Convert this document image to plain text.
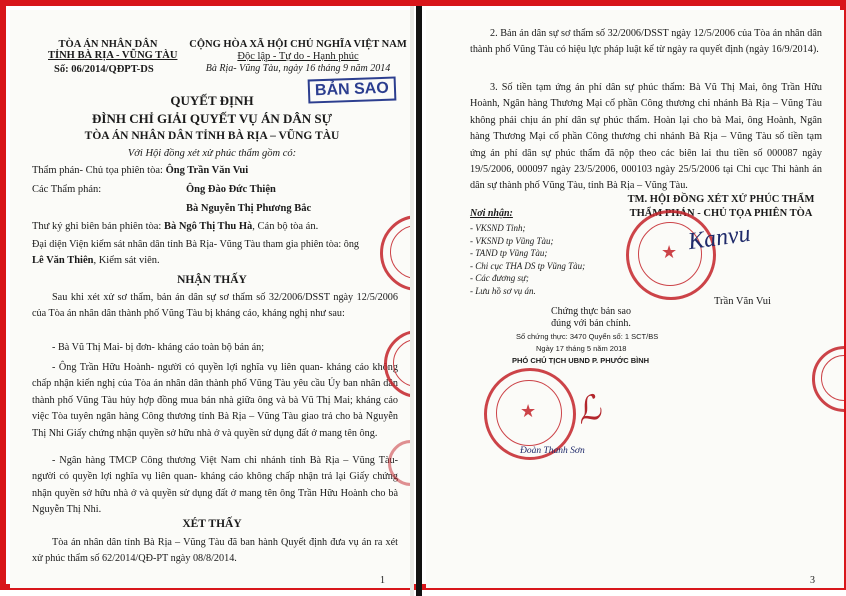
TÒA ÁN NHÂN DÂN
TỈNH BÀ RỊA - VŨNG TÀU
Số: 06/2014/QĐPT-DS
CỘNG HÒA XÃ HỘI CHỦ NGHĨA VIỆT NAM
Độc lập - Tự do - Hạnh phúc
Bà Rịa- Vũng Tàu, ngày 16 tháng 9 năm 2014
BẢN SAO
QUYẾT ĐỊNH
ĐÌNH CHỈ GIẢI QUYẾT VỤ ÁN DÂN SỰ
TÒA ÁN NHÂN DÂN TỈNH BÀ RỊA – VŨNG TÀU
Với Hội đồng xét xử phúc thẩm gồm có:
Thẩm phán- Chủ tọa phiên tòa: Ông Trần Văn Vui
Các Thẩm phán:	Ông Đào Đức Thiện
Bà Nguyễn Thị Phương Bắc
Thư ký ghi biên bản phiên tòa: Bà Ngô Thị Thu Hà, Cán bộ tòa án.
Đại diện Viện kiểm sát nhân dân tỉnh Bà Rịa- Vũng Tàu tham gia phiên tòa: ông
Lê Văn Thiên, Kiểm sát viên.
NHẬN THẤY
Sau khi xét xử sơ thẩm, bản án dân sự sơ thẩm số 32/2006/DSST ngày 12/5/2006 của Tòa án nhân dân thành phố Vũng Tàu bị kháng cáo, kháng nghị như sau:
- Bà Vũ Thị Mai- bị đơn- kháng cáo toàn bộ bản án;
- Ông Trần Hữu Hoành- người có quyền lợi nghĩa vụ liên quan- kháng cáo không chấp nhận kiến nghị của Tòa án nhân dân thành phố Vũng Tàu yêu cầu Ủy ban nhân dân thành phố Vũng Tàu hủy hợp đồng mua bán nhà giữa ông và bà Vũ Thị Mai; kháng cáo việc Tòa tuyên ngân hàng Công thương tỉnh Bà Rịa – Vũng Tàu giao trả cho bà Nguyễn Thị Nhi Giấy chứng nhận quyền sở hữu nhà ở và quyền sử dụng đất ở mang tên ông.
- Ngân hàng TMCP Công thương Việt Nam chi nhánh tỉnh Bà Rịa – Vũng Tàu- người có quyền lợi nghĩa vụ liên quan- kháng cáo không chấp nhận trả lại Giấy chứng nhận quyền sở hữu nhà ở và quyền sử dụng đất ở mang tên ông Trần Hữu Hoành cho bà Nguyễn Thị Nhi.
XÉT THẤY
Tòa án nhân dân tỉnh Bà Rịa – Vũng Tàu đã ban hành Quyết định đưa vụ án ra xét xử phúc thẩm số 62/2014/QĐ-PT ngày 08/8/2014.
1
2. Bản án dân sự sơ thẩm số 32/2006/DSST ngày 12/5/2006 của Tòa án nhân dân thành phố Vũng Tàu có hiệu lực pháp luật kể từ ngày ra quyết định (ngày 16/9/2014).
3. Số tiền tạm ứng án phí dân sự phúc thẩm: Bà Vũ Thị Mai, ông Trần Hữu Hoành, Ngân hàng Thương Mại cổ phần Công thương chi nhánh Bà Rịa – Vũng Tàu không phải chịu án phí dân sự phúc thẩm. Hoàn lại cho bà Mai, ông Hoành, Ngân hàng Thương Mại cổ phần Công thương chi nhánh Bà Rịa – Vũng Tàu số tiền tạm ứng án phí dân sự phúc thẩm đã nộp theo các biên lai thu tiền số 000087 ngày 19/5/2006, 000097 ngày 23/5/2006, 000103 ngày 25/5/2006 tại Chi cục Thi hành án dân sự thành phố Vũng Tàu, tỉnh Bà Rịa – Vũng Tàu.
TM. HỘI ĐỒNG XÉT XỬ PHÚC THẨM
THẨM PHÁN - CHỦ TỌA PHIÊN TÒA
Nơi nhận:
- VKSND Tỉnh;
- VKSND tp Vũng Tàu;
- TAND tp Vũng Tàu;
- Chi cục THA DS tp Vũng Tàu;
- Các đương sự;
- Lưu hồ sơ vụ án.
★ Kanvu
Trần Văn Vui
Chứng thực bản sao
đúng với bản chính.
Số chứng thực: 3470 Quyển số: 1 SCT/BS
Ngày 17 tháng 5 năm 2018
PHÓ CHỦ TỊCH UBND P. PHƯỚC BÌNH
★ ℒ
Đoàn Thanh Sơn
3
